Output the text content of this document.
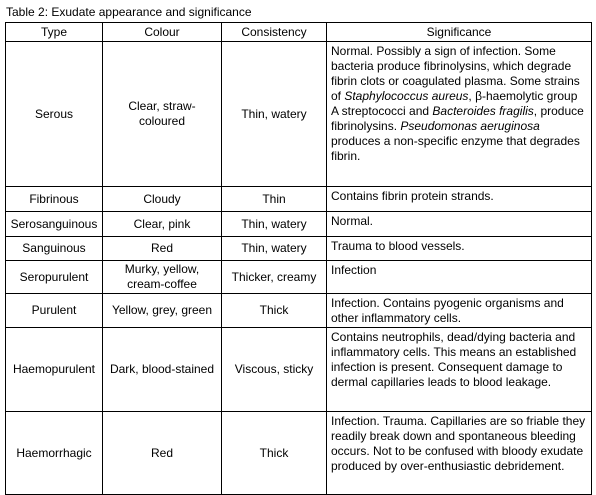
Table 2: Exudate appearance and significance
Type	Colour	Consistency	Significance
Serous	Clear, straw-coloured	Thin, watery	Normal. Possibly a sign of infection. Some bacteria produce fibrinolysins, which degrade fibrin clots or coagulated plasma. Some strains of Staphylococcus aureus, β-haemolytic group A streptococci and Bacteroides fragilis, produce fibrinolysins. Pseudomonas aeruginosa produces a non-specific enzyme that degrades fibrin.
Fibrinous	Cloudy	Thin	Contains fibrin protein strands.
Serosanguinous	Clear, pink	Thin, watery	Normal.
Sanguinous	Red	Thin, watery	Trauma to blood vessels.
Seropurulent	Murky, yellow, cream-coffee	Thicker, creamy	Infection
Purulent	Yellow, grey, green	Thick	Infection. Contains pyogenic organisms and other inflammatory cells.
Haemopurulent	Dark, blood-stained	Viscous, sticky	Contains neutrophils, dead/dying bacteria and inflammatory cells. This means an established infection is present. Consequent damage to dermal capillaries leads to blood leakage.
Haemorrhagic	Red	Thick	Infection. Trauma. Capillaries are so friable they readily break down and spontaneous bleeding occurs. Not to be confused with bloody exudate produced by over-enthusiastic debridement.
